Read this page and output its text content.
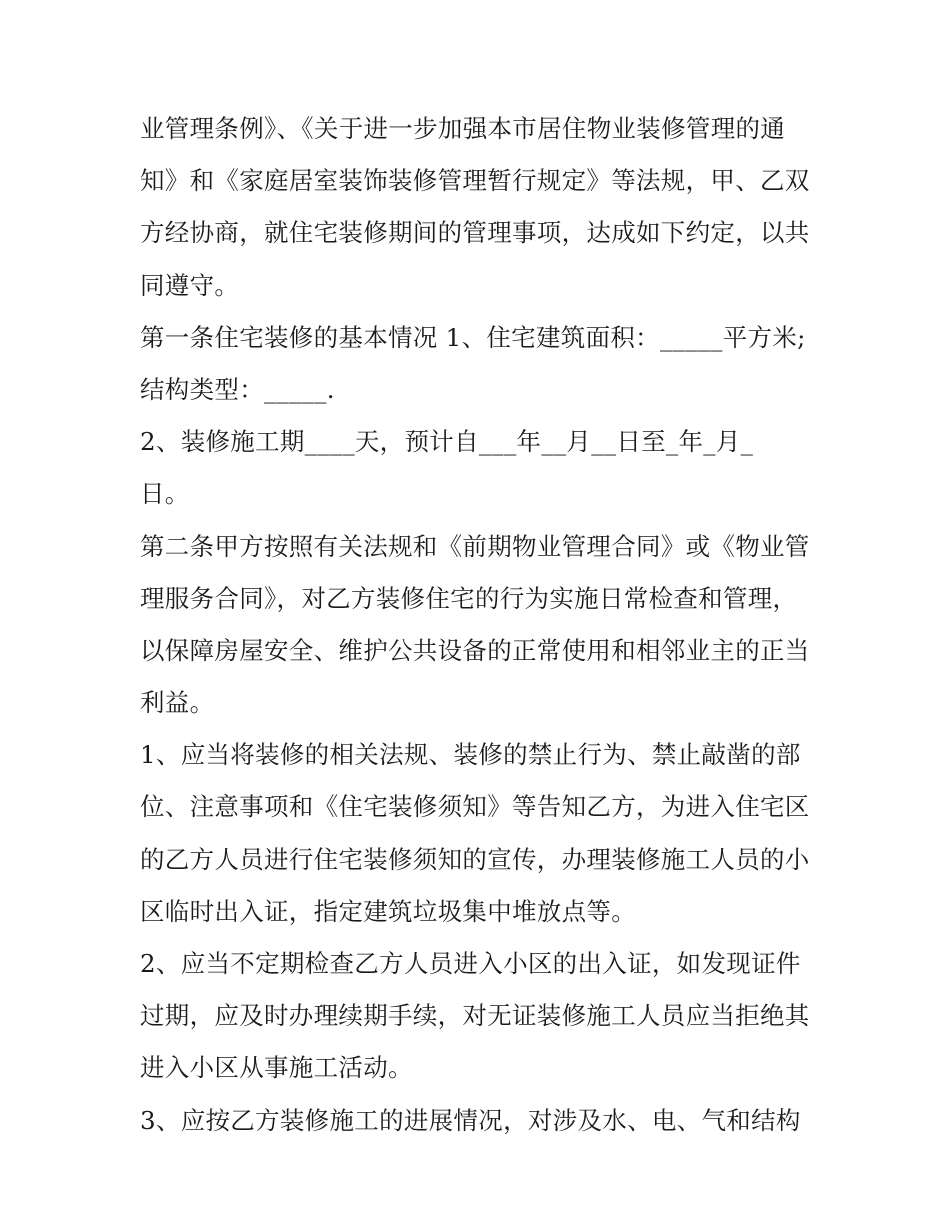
业管理条例》、《关于进一步加强本市居住物业装修管理的通
知》和《家庭居室装饰装修管理暂行规定》等法规，甲、乙双
方经协商，就住宅装修期间的管理事项，达成如下约定，以共
同遵守。
第一条住宅装修的基本情况 1、住宅建筑面积：_____平方米;
结构类型：_____.
2、装修施工期____天，预计自___年__月__日至_年_月_
日。
第二条甲方按照有关法规和《前期物业管理合同》或《物业管
理服务合同》，对乙方装修住宅的行为实施日常检查和管理，
以保障房屋安全、维护公共设备的正常使用和相邻业主的正当
利益。
1、应当将装修的相关法规、装修的禁止行为、禁止敲凿的部
位、注意事项和《住宅装修须知》等告知乙方，为进入住宅区
的乙方人员进行住宅装修须知的宣传，办理装修施工人员的小
区临时出入证，指定建筑垃圾集中堆放点等。
2、应当不定期检查乙方人员进入小区的出入证，如发现证件
过期，应及时办理续期手续，对无证装修施工人员应当拒绝其
进入小区从事施工活动。
3、应按乙方装修施工的进展情况，对涉及水、电、气和结构
